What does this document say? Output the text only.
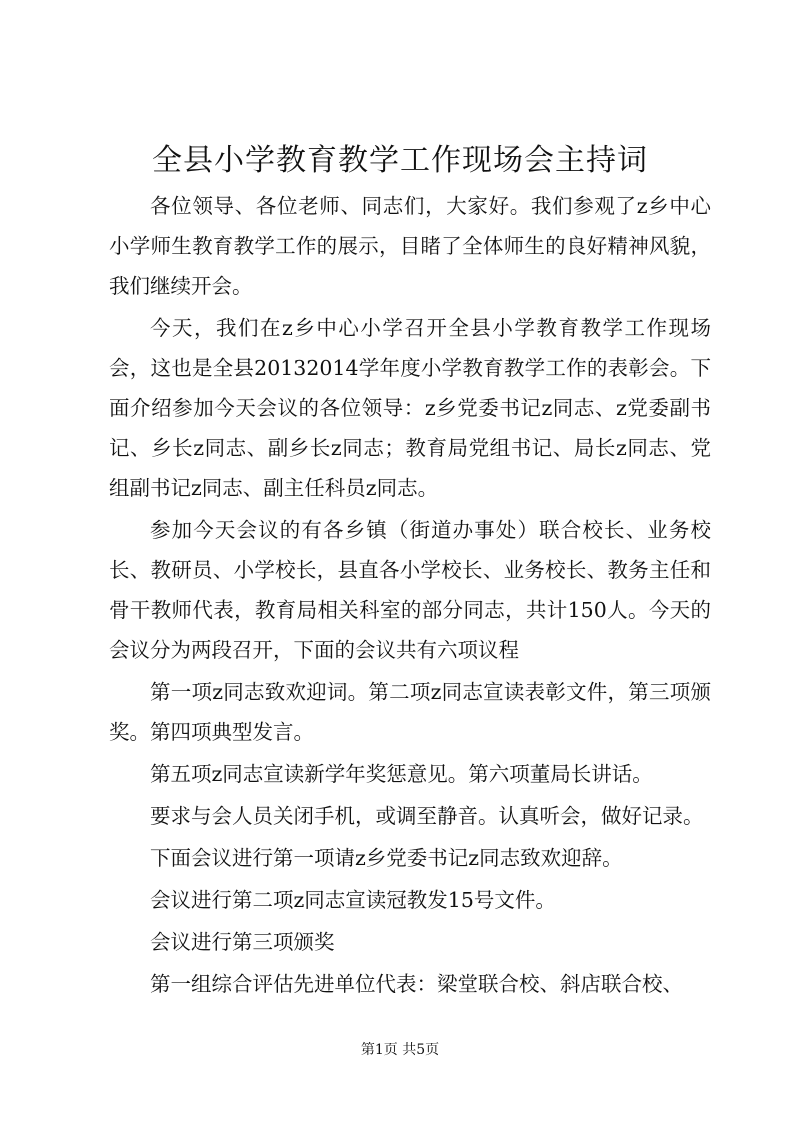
全县小学教育教学工作现场会主持词

各位领导、各位老师、同志们，大家好。我们参观了z乡中心小学师生教育教学工作的展示，目睹了全体师生的良好精神风貌，我们继续开会。

今天，我们在z乡中心小学召开全县小学教育教学工作现场会，这也是全县20132014学年度小学教育教学工作的表彰会。下面介绍参加今天会议的各位领导：z乡党委书记z同志、z党委副书记、乡长z同志、副乡长z同志；教育局党组书记、局长z同志、党组副书记z同志、副主任科员z同志。

参加今天会议的有各乡镇（街道办事处）联合校长、业务校长、教研员、小学校长，县直各小学校长、业务校长、教务主任和骨干教师代表，教育局相关科室的部分同志，共计150人。今天的会议分为两段召开，下面的会议共有六项议程

第一项z同志致欢迎词。第二项z同志宣读表彰文件，第三项颁奖。第四项典型发言。

第五项z同志宣读新学年奖惩意见。第六项董局长讲话。

要求与会人员关闭手机，或调至静音。认真听会，做好记录。

下面会议进行第一项请z乡党委书记z同志致欢迎辞。

会议进行第二项z同志宣读冠教发15号文件。

会议进行第三项颁奖

第一组综合评估先进单位代表：梁堂联合校、斜店联合校、

第1页 共5页
